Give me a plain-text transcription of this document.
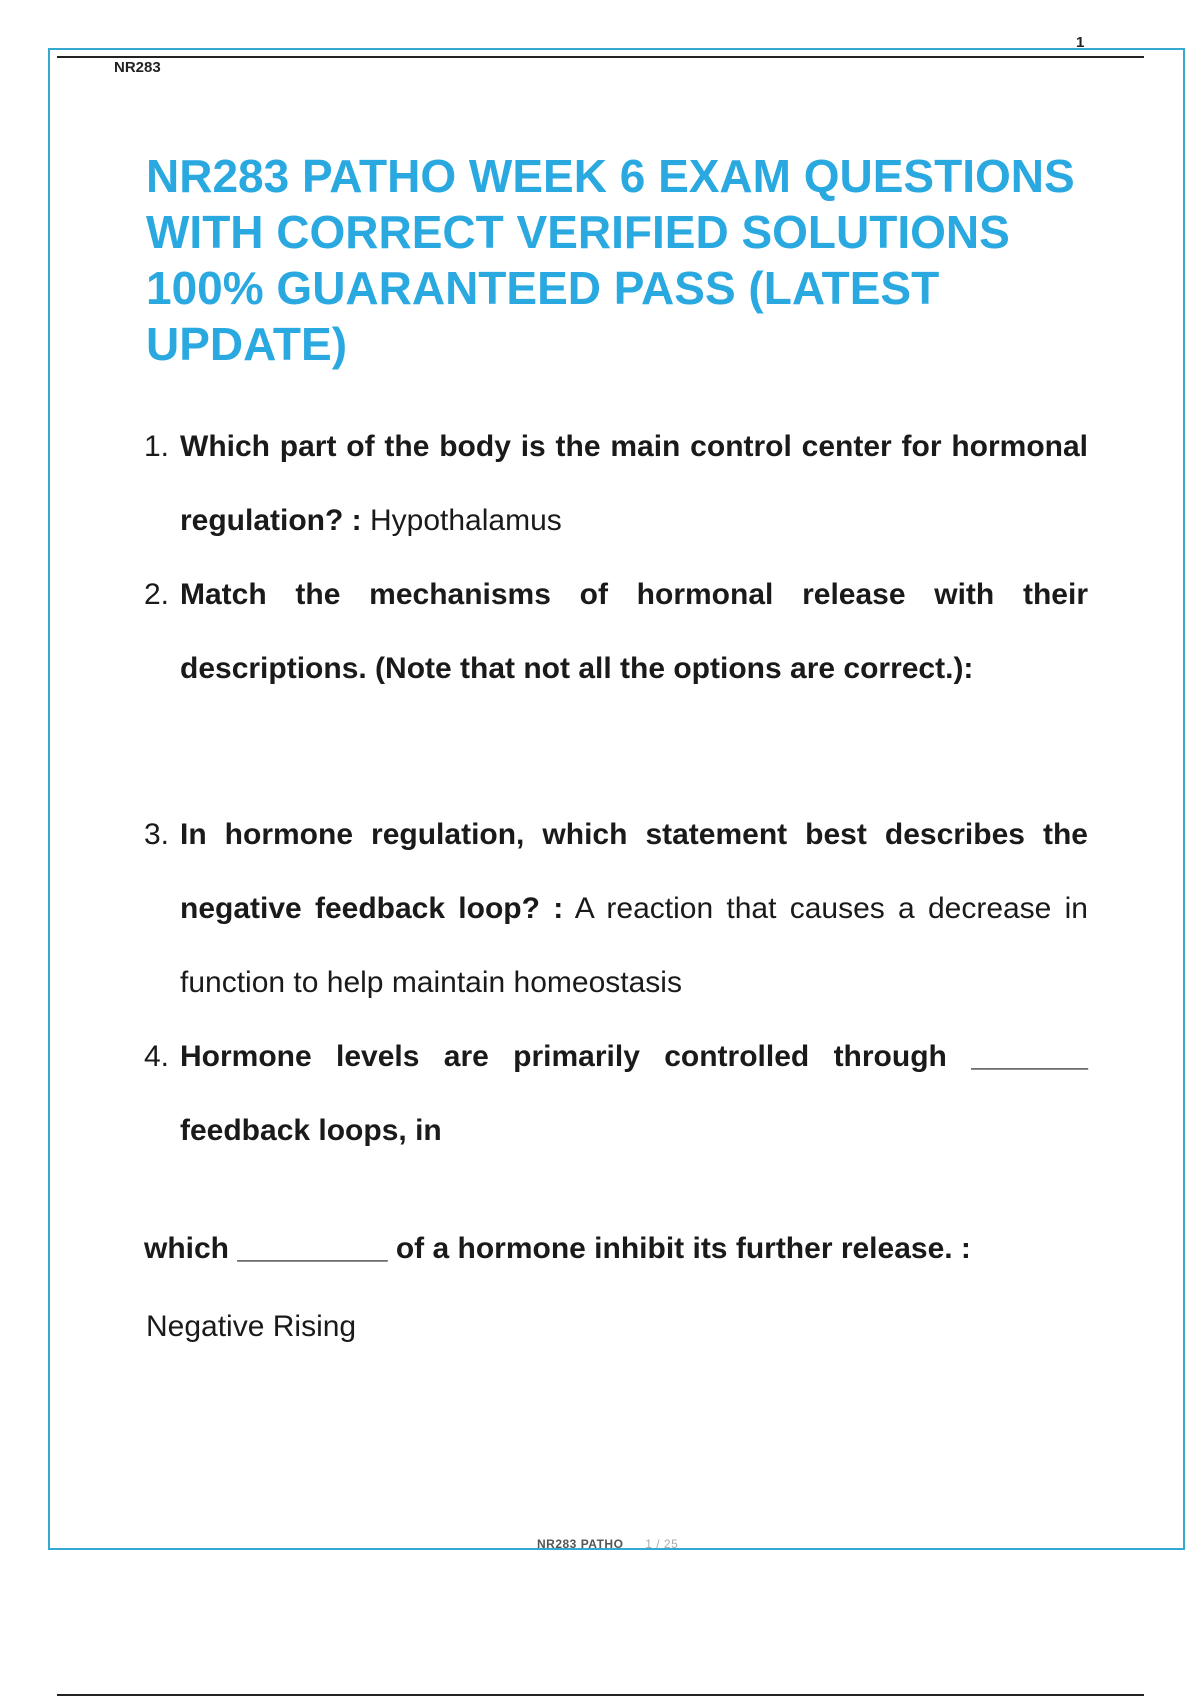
1
NR283
NR283 PATHO WEEK 6 EXAM QUESTIONS WITH CORRECT VERIFIED SOLUTIONS 100% GUARANTEED PASS (LATEST UPDATE)
1. Which part of the body is the main control center for hormonal regulation? : Hypothalamus
2. Match the mechanisms of hormonal release with their descriptions. (Note that not all the options are correct.):
3. In hormone regulation, which statement best describes the negative feedback loop? : A reaction that causes a decrease in function to help maintain homeostasis
4. Hormone levels are primarily controlled through _______ feedback loops, in
which _________ of a hormone inhibit its further release. :
Negative Rising
NR283 PATHO 1 / 25
